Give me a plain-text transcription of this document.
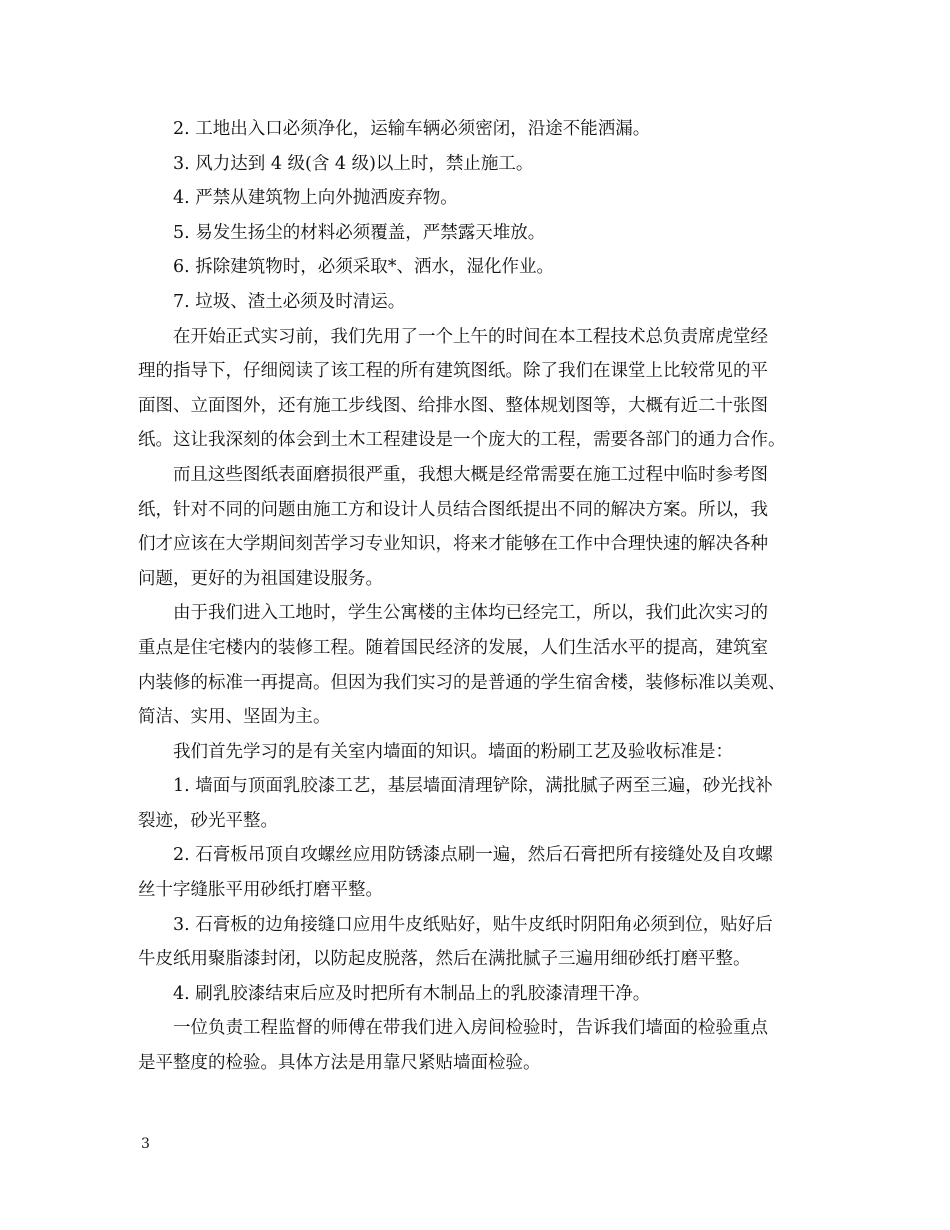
2. 工地出入口必须净化，运输车辆必须密闭，沿途不能洒漏。
3. 风力达到 4 级(含 4 级)以上时，禁止施工。
4. 严禁从建筑物上向外抛洒废弃物。
5. 易发生扬尘的材料必须覆盖，严禁露天堆放。
6. 拆除建筑物时，必须采取*、洒水，湿化作业。
7. 垃圾、渣土必须及时清运。
在开始正式实习前，我们先用了一个上午的时间在本工程技术总负责席虎堂经
理的指导下，仔细阅读了该工程的所有建筑图纸。除了我们在课堂上比较常见的平
面图、立面图外，还有施工步线图、给排水图、整体规划图等，大概有近二十张图
纸。这让我深刻的体会到土木工程建设是一个庞大的工程，需要各部门的通力合作。
而且这些图纸表面磨损很严重，我想大概是经常需要在施工过程中临时参考图
纸，针对不同的问题由施工方和设计人员结合图纸提出不同的解决方案。所以，我
们才应该在大学期间刻苦学习专业知识，将来才能够在工作中合理快速的解决各种
问题，更好的为祖国建设服务。
由于我们进入工地时，学生公寓楼的主体均已经完工，所以，我们此次实习的
重点是住宅楼内的装修工程。随着国民经济的发展，人们生活水平的提高，建筑室
内装修的标准一再提高。但因为我们实习的是普通的学生宿舍楼，装修标准以美观、
简洁、实用、坚固为主。
我们首先学习的是有关室内墙面的知识。墙面的粉刷工艺及验收标准是：
1. 墙面与顶面乳胶漆工艺，基层墙面清理铲除，满批腻子两至三遍，砂光找补
裂迹，砂光平整。
2. 石膏板吊顶自攻螺丝应用防锈漆点刷一遍，然后石膏把所有接缝处及自攻螺
丝十字缝胀平用砂纸打磨平整。
3. 石膏板的边角接缝口应用牛皮纸贴好，贴牛皮纸时阴阳角必须到位，贴好后
牛皮纸用聚脂漆封闭，以防起皮脱落，然后在满批腻子三遍用细砂纸打磨平整。
4. 刷乳胶漆结束后应及时把所有木制品上的乳胶漆清理干净。
一位负责工程监督的师傅在带我们进入房间检验时，告诉我们墙面的检验重点
是平整度的检验。具体方法是用靠尺紧贴墙面检验。
3
